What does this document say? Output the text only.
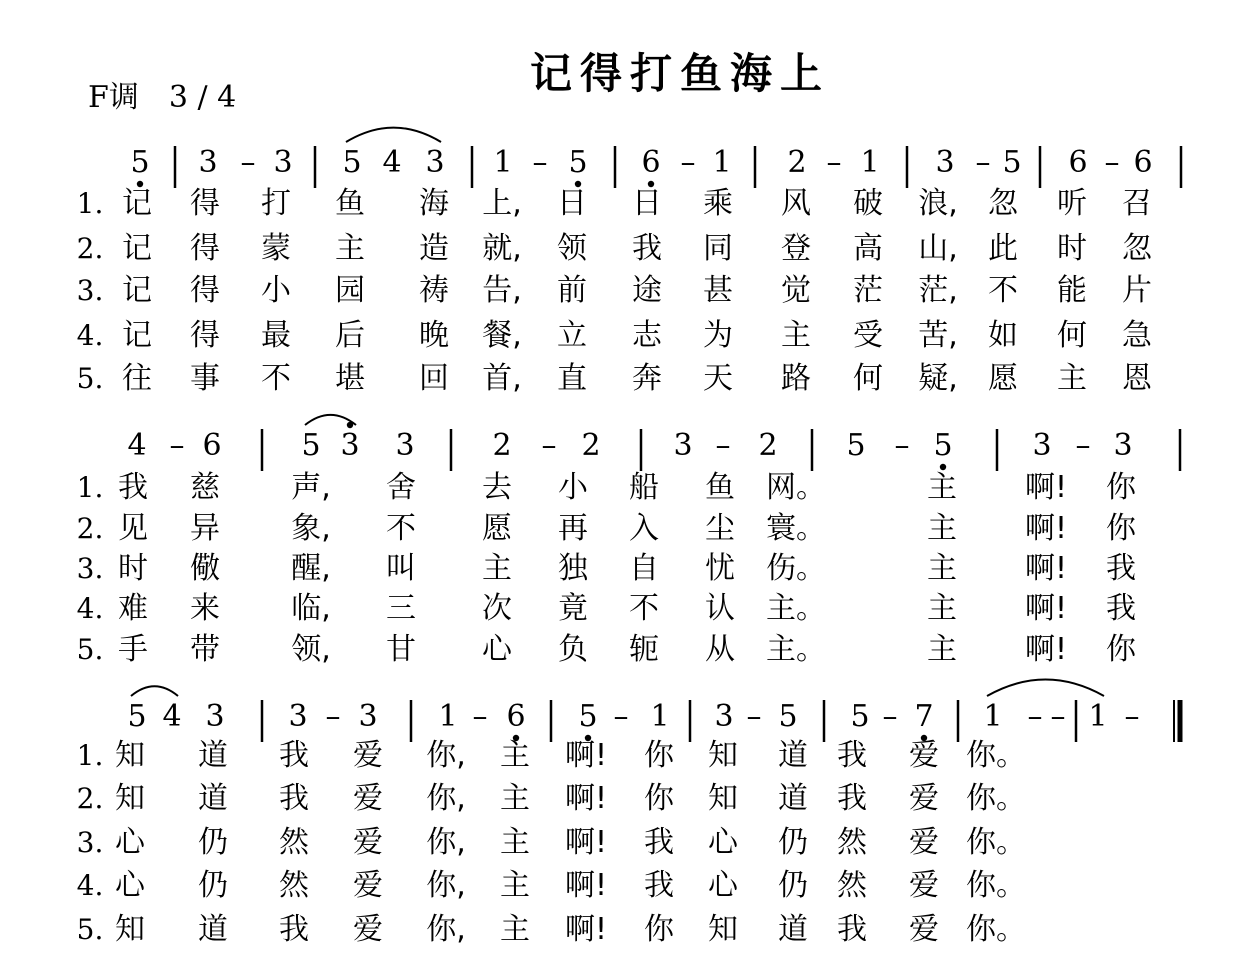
F调　3 / 4	记得打鱼海上
5 3 – 3 5 4 3 1 – 5 6 – 1 2 – 1 3 – 5 6 – 6
1. 记 得 打 鱼 海 上, 日 日 乘 风 破 浪, 忽 听 召
2. 记 得 蒙 主 造 就, 领 我 同 登 高 山, 此 时 忽
3. 记 得 小 园 祷 告, 前 途 甚 觉 茫 茫, 不 能 片
4. 记 得 最 后 晚 餐, 立 志 为 主 受 苦, 如 何 急
5. 往 事 不 堪 回 首, 直 奔 天 路 何 疑, 愿 主 恩
4 – 6	5 3 3	2 – 2 3 – 2 5 – 5	3 – 3
1. 我 慈 声, 舍 去 小 船 鱼 网。	主 啊! 你
2. 见 异 象, 不 愿 再 入 尘 寰。	主 啊! 你
3. 时 儆 醒, 叫 主 独 自 忧 伤。	主 啊! 我
4. 难 来 临, 三 次 竟 不 认 主。	主 啊! 我
5. 手 带 领, 甘 心 负 轭 从 主。	主 啊! 你
5 4 3 3 – 3 1 – 6 5 – 1 3 – 5 5 – 7 1 – – 1 –
1. 知 道 我 爱 你, 主 啊! 你 知 道 我 爱 你。
2. 知 道 我 爱 你, 主 啊! 你 知 道 我 爱 你。
3. 心 仍 然 爱 你, 主 啊! 我 心 仍 然 爱 你。
4. 心 仍 然 爱 你, 主 啊! 我 心 仍 然 爱 你。
5. 知 道 我 爱 你, 主 啊! 你 知 道 我 爱 你。
